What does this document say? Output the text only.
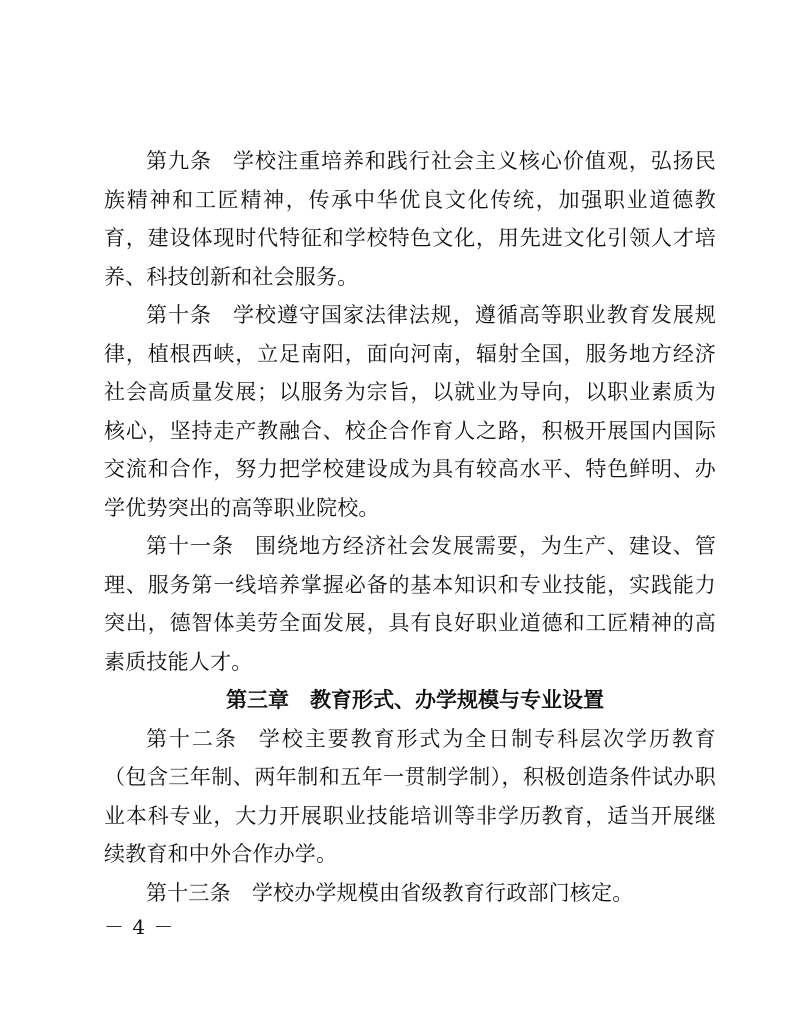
第九条 学校注重培养和践行社会主义核心价值观，弘扬民族精神和工匠精神，传承中华优良文化传统，加强职业道德教育，建设体现时代特征和学校特色文化，用先进文化引领人才培养、科技创新和社会服务。

第十条 学校遵守国家法律法规，遵循高等职业教育发展规律，植根西峡，立足南阳，面向河南，辐射全国，服务地方经济社会高质量发展；以服务为宗旨，以就业为导向，以职业素质为核心，坚持走产教融合、校企合作育人之路，积极开展国内国际交流和合作，努力把学校建设成为具有较高水平、特色鲜明、办学优势突出的高等职业院校。

第十一条 围绕地方经济社会发展需要，为生产、建设、管理、服务第一线培养掌握必备的基本知识和专业技能，实践能力突出，德智体美劳全面发展，具有良好职业道德和工匠精神的高素质技能人才。

第三章　教育形式、办学规模与专业设置

第十二条 学校主要教育形式为全日制专科层次学历教育（包含三年制、两年制和五年一贯制学制），积极创造条件试办职业本科专业，大力开展职业技能培训等非学历教育，适当开展继续教育和中外合作办学。

第十三条 学校办学规模由省级教育行政部门核定。

－ 4 －
